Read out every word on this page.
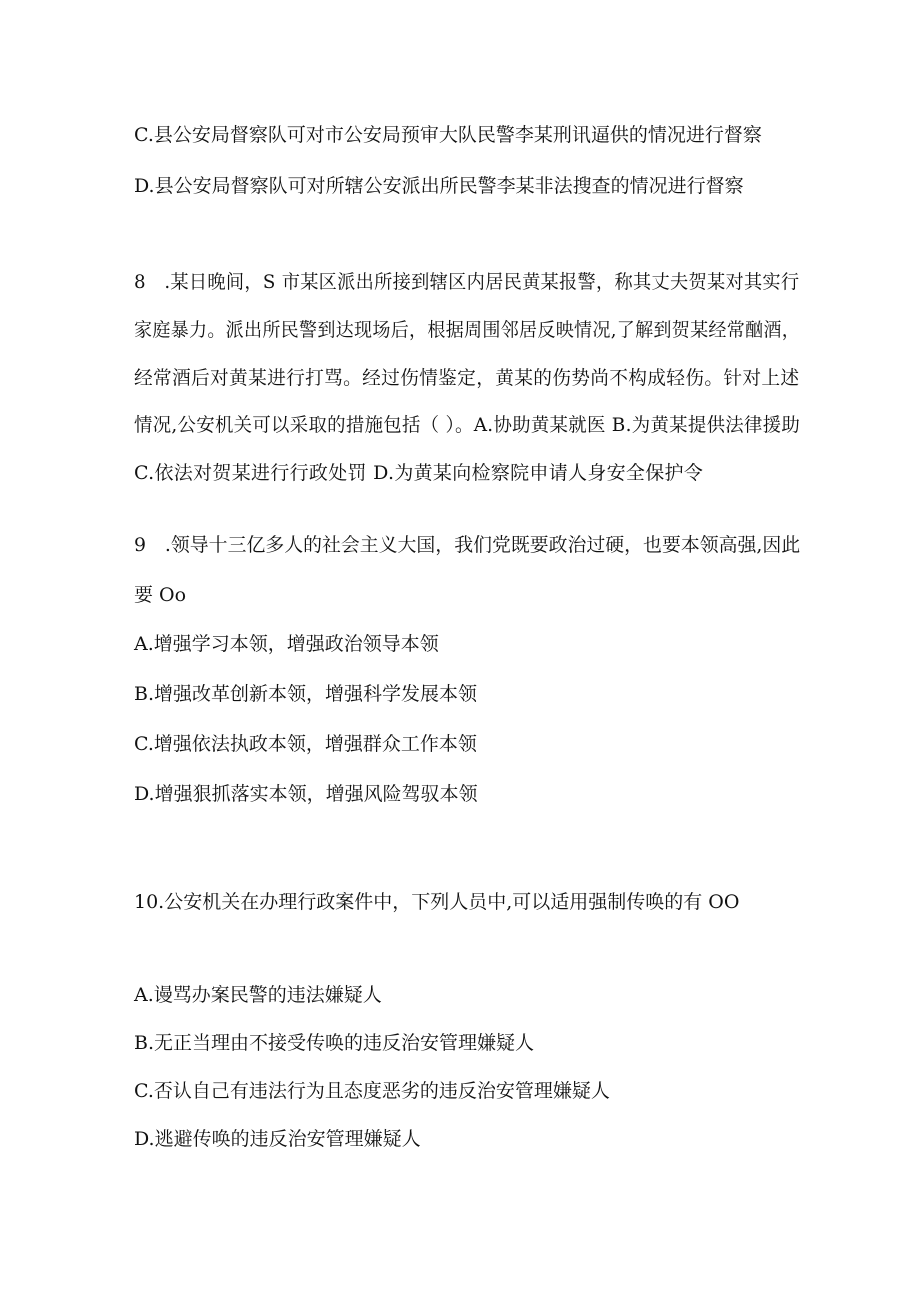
C.县公安局督察队可对市公安局预审大队民警李某刑讯逼供的情况进行督察
D.县公安局督察队可对所辖公安派出所民警李某非法搜查的情况进行督察
8　.某日晚间，S 市某区派出所接到辖区内居民黄某报警，称其丈夫贺某对其实行
家庭暴力。派出所民警到达现场后，根据周围邻居反映情况,了解到贺某经常酗酒，
经常酒后对黄某进行打骂。经过伤情鉴定，黄某的伤势尚不构成轻伤。针对上述
情况,公安机关可以采取的措施包括（ ）。A.协助黄某就医 B.为黄某提供法律援助
C.依法对贺某进行行政处罚 D.为黄某向检察院申请人身安全保护令
9　.领导十三亿多人的社会主义大国，我们党既要政治过硬，也要本领高强,因此
要 Oo
A.增强学习本领，增强政治领导本领
B.增强改革创新本领，增强科学发展本领
C.增强依法执政本领，增强群众工作本领
D.增强狠抓落实本领，增强风险驾驭本领
10.公安机关在办理行政案件中，下列人员中,可以适用强制传唤的有 OO
A.谩骂办案民警的违法嫌疑人
B.无正当理由不接受传唤的违反治安管理嫌疑人
C.否认自己有违法行为且态度恶劣的违反治安管理嫌疑人
D.逃避传唤的违反治安管理嫌疑人
